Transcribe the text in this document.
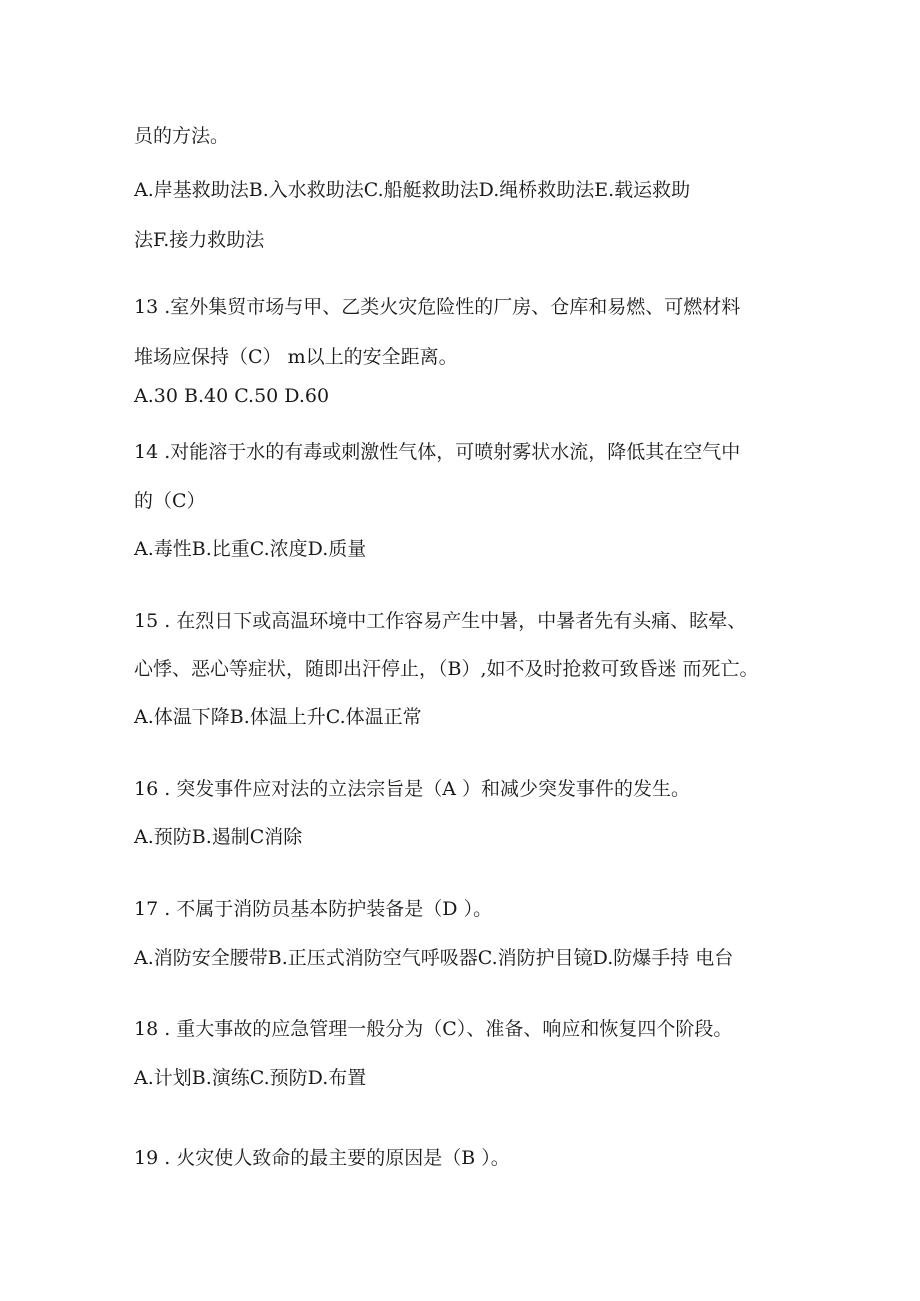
员的方法。
A.岸基救助法B.入水救助法C.船艇救助法D.绳桥救助法E.载运救助
法F.接力救助法
13 .室外集贸市场与甲、乙类火灾危险性的厂房、仓库和易燃、可燃材料
堆场应保持（C） m以上的安全距离。
A.30 B.40 C.50 D.60
14 .对能溶于水的有毒或刺激性气体，可喷射雾状水流，降低其在空气中
的（C）
A.毒性B.比重C.浓度D.质量
15 . 在烈日下或高温环境中工作容易产生中暑，中暑者先有头痛、眩晕、
心悸、恶心等症状，随即出汗停止，（B）,如不及时抢救可致昏迷 而死亡。
A.体温下降B.体温上升C.体温正常
16 . 突发事件应对法的立法宗旨是（A ）和减少突发事件的发生。
A.预防B.遏制C消除
17 . 不属于消防员基本防护装备是（D ）。
A.消防安全腰带B.正压式消防空气呼吸器C.消防护目镜D.防爆手持 电台
18 . 重大事故的应急管理一般分为（C）、准备、响应和恢复四个阶段。
A.计划B.演练C.预防D.布置
19 . 火灾使人致命的最主要的原因是（B ）。
